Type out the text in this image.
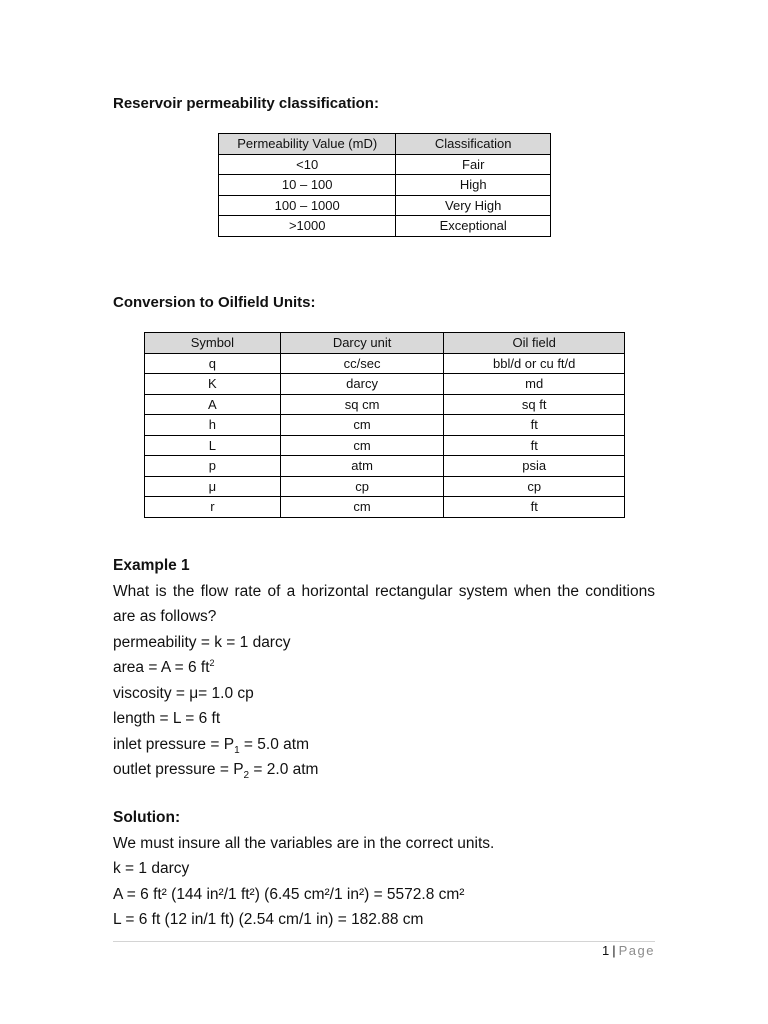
Reservoir permeability classification:
Permeability Value (mD)	Classification
<10	Fair
10 – 100	High
100 – 1000	Very High
>1000	Exceptional
Conversion to Oilfield Units:
Symbol	Darcy unit	Oil field
q	cc/sec	bbl/d or cu ft/d
K	darcy	md
A	sq cm	sq ft
h	cm	ft
L	cm	ft
p	atm	psia
μ	cp	cp
r	cm	ft

Example 1

What is the flow rate of a horizontal rectangular system when the conditions are as follows?

permeability = k = 1 darcy

area = A = 6 $ft^2$

viscosity = μ= 1.0 cp

length = L = 6 ft

inlet pressure = $P_1 = 5.0$ atm

outlet pressure = $P_2 = 2.0$ atm

Solution:

We must insure all the variables are in the correct units.

k = 1 darcy

A = 6 ft² (144 in²/1 ft²) (6.45 cm²/1 in²) = 5572.8 cm²

L = 6 ft (12 in/1 ft) (2.54 cm/1 in) = 182.88 cm

1 | Page
